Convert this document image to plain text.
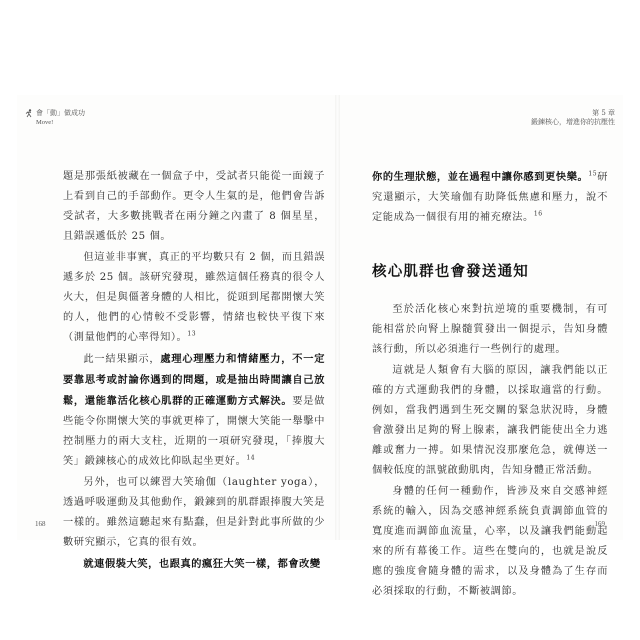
會「動」做成功
Move!

題是那張紙被藏在一個盒子中，受試者只能從一面鏡子上看到自己的手部動作。更令人生氣的是，他們會告訴受試者，大多數挑戰者在兩分鐘之內畫了 8 個星星，且錯誤遞低於 25 個。

但這並非事實，真正的平均數只有 2 個，而且錯誤遞多於 25 個。該研究發現，雖然這個任務真的很令人火大，但是與僵著身體的人相比，從頭到尾都開懷大笑的人，他們的心情較不受影響，情緒也較快平復下來（測量他們的心率得知）。$^{13}$

此一結果顯示，處理心理壓力和情緒壓力，不一定要靠思考或討論你遇到的問題，或是抽出時間讓自己放鬆，還能靠活化核心肌群的正確運動方式解決。要是做些能令你開懷大笑的事就更棒了，開懷大笑能一舉擊中控制壓力的兩大支柱，近期的一項研究發現，「捧腹大笑」鍛鍊核心的成效比仰臥起坐更好。$^{14}$

另外，也可以練習大笑瑜伽（laughter yoga），透過呼吸運動及其他動作，鍛鍊到的肌群跟捧腹大笑是一樣的。雖然這聽起來有點蠢，但是針對此事所做的少數研究顯示，它真的很有效。

就連假裝大笑，也跟真的瘋狂大笑一樣，都會改變

168
第 5 章
鍛鍊核心，增進你的抗壓性

你的生理狀態，並在過程中讓你感到更快樂。$^{15}$研究還顯示，大笑瑜伽有助降低焦慮和壓力，說不定能成為一個很有用的補充療法。$^{16}$

核心肌群也會發送通知

至於活化核心來對抗逆境的重要機制，有可能相當於向腎上腺髓質發出一個提示，告知身體該行動，所以必須進行一些例行的處理。

這就是人類會有大腦的原因，讓我們能以正確的方式運動我們的身體，以採取適當的行動。例如，當我們遇到生死交關的緊急狀況時，身體會激發出足夠的腎上腺素，讓我們能使出全力逃離或奮力一搏。如果情況沒那麼危急，就傳送一個較低度的訊號啟動肌肉，告知身體正常活動。

身體的任何一種動作，皆涉及來自交感神經系統的輸入，因為交感神經系統負責調節血管的寬度進而調節血流量，心率，以及讓我們能動起來的所有幕後工作。這些在雙向的，也就是說反應的強度會隨身體的需求，以及身體為了生存而必須採取的行動，不斷被調節。

169
